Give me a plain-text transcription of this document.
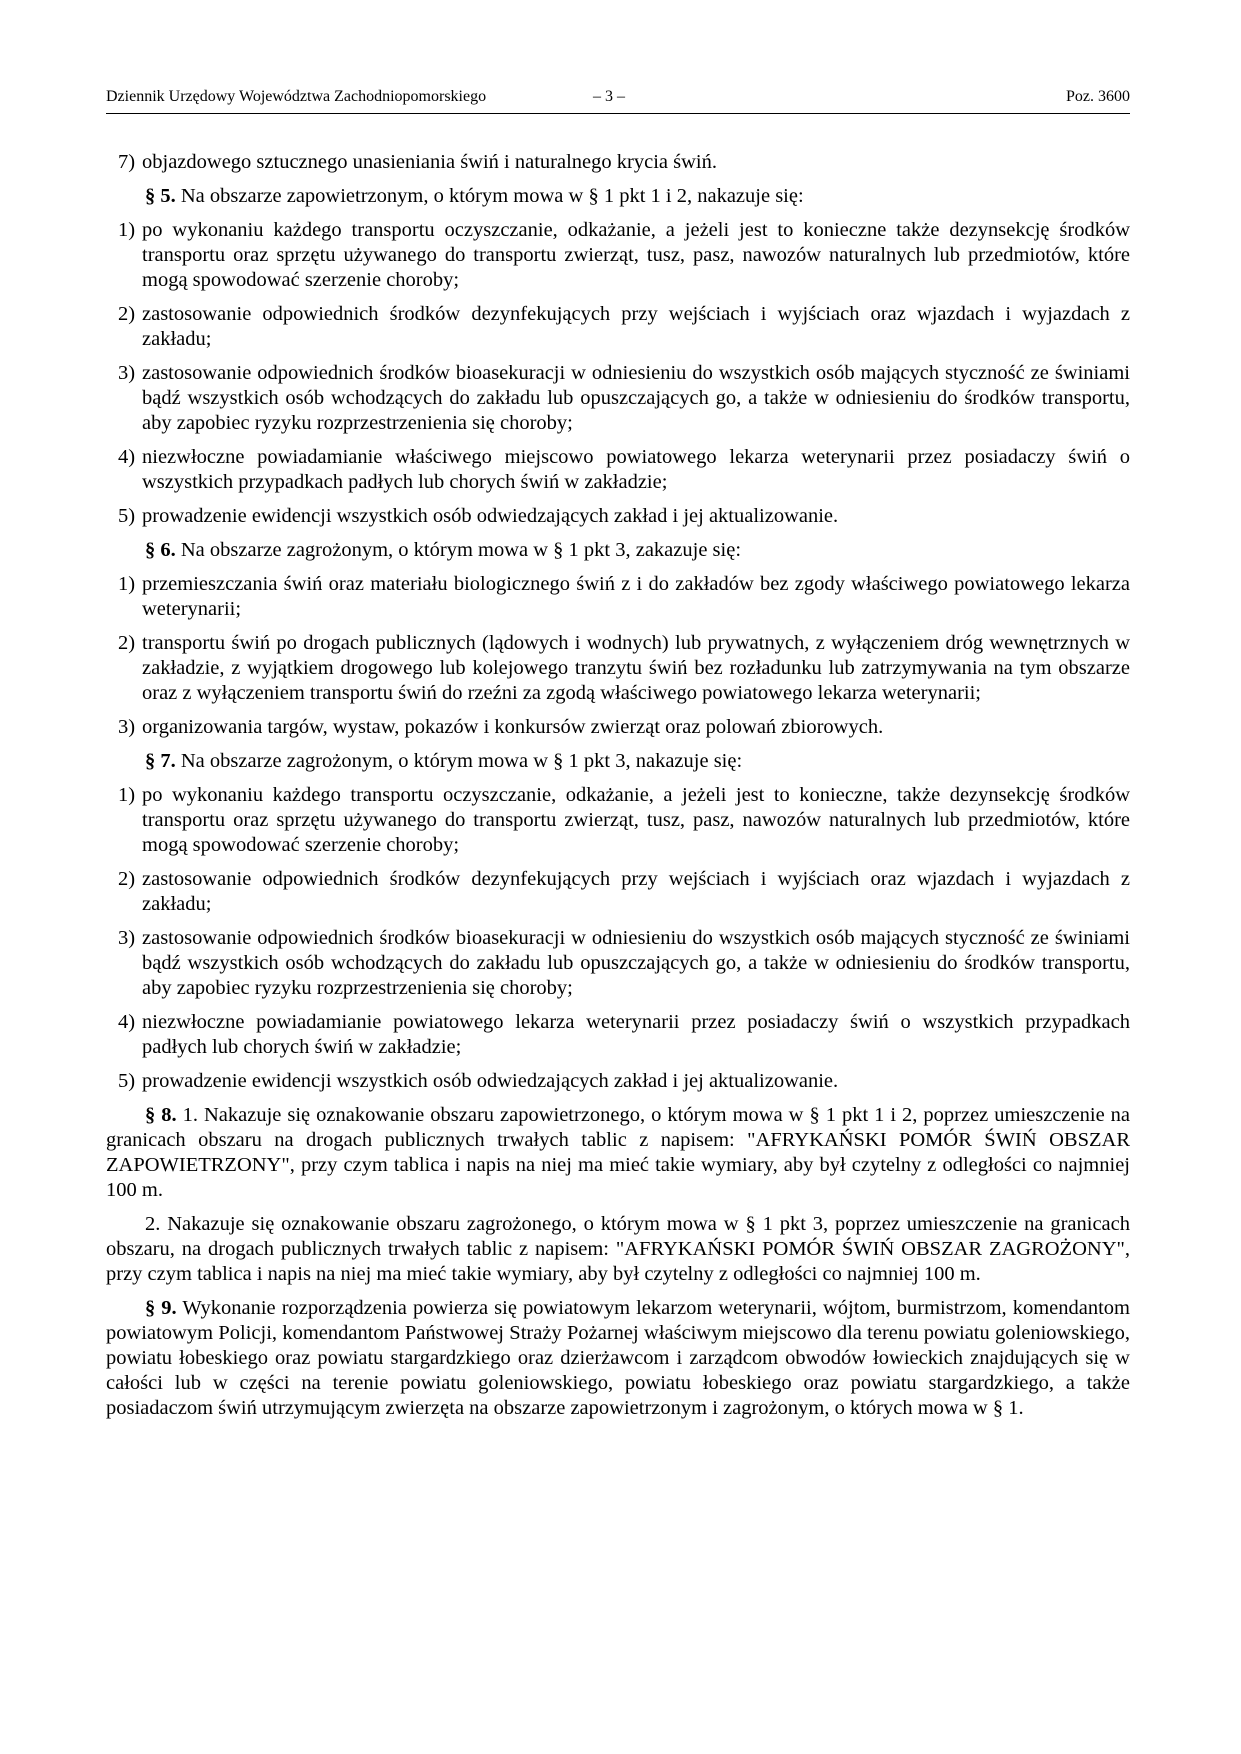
Dziennik Urzędowy Województwa Zachodniopomorskiego	– 3 –	Poz. 3600
7) objazdowego sztucznego unasieniania świń i naturalnego krycia świń.

§ 5. Na obszarze zapowietrzonym, o którym mowa w § 1 pkt 1 i 2, nakazuje się:

1) po wykonaniu każdego transportu oczyszczanie, odkażanie, a jeżeli jest to konieczne także dezynsekcję środków transportu oraz sprzętu używanego do transportu zwierząt, tusz, pasz, nawozów naturalnych lub przedmiotów, które mogą spowodować szerzenie choroby;
2) zastosowanie odpowiednich środków dezynfekujących przy wejściach i wyjściach oraz wjazdach i wyjazdach z zakładu;
3) zastosowanie odpowiednich środków bioasekuracji w odniesieniu do wszystkich osób mających styczność ze świniami bądź wszystkich osób wchodzących do zakładu lub opuszczających go, a także w odniesieniu do środków transportu, aby zapobiec ryzyku rozprzestrzenienia się choroby;
4) niezwłoczne powiadamianie właściwego miejscowo powiatowego lekarza weterynarii przez posiadaczy świń o wszystkich przypadkach padłych lub chorych świń w zakładzie;
5) prowadzenie ewidencji wszystkich osób odwiedzających zakład i jej aktualizowanie.

§ 6. Na obszarze zagrożonym, o którym mowa w § 1 pkt 3, zakazuje się:

1) przemieszczania świń oraz materiału biologicznego świń z i do zakładów bez zgody właściwego powiatowego lekarza weterynarii;
2) transportu świń po drogach publicznych (lądowych i wodnych) lub prywatnych, z wyłączeniem dróg wewnętrznych w zakładzie, z wyjątkiem drogowego lub kolejowego tranzytu świń bez rozładunku lub zatrzymywania na tym obszarze oraz z wyłączeniem transportu świń do rzeźni za zgodą właściwego powiatowego lekarza weterynarii;
3) organizowania targów, wystaw, pokazów i konkursów zwierząt oraz polowań zbiorowych.

§ 7. Na obszarze zagrożonym, o którym mowa w § 1 pkt 3, nakazuje się:

1) po wykonaniu każdego transportu oczyszczanie, odkażanie, a jeżeli jest to konieczne, także dezynsekcję środków transportu oraz sprzętu używanego do transportu zwierząt, tusz, pasz, nawozów naturalnych lub przedmiotów, które mogą spowodować szerzenie choroby;
2) zastosowanie odpowiednich środków dezynfekujących przy wejściach i wyjściach oraz wjazdach i wyjazdach z zakładu;
3) zastosowanie odpowiednich środków bioasekuracji w odniesieniu do wszystkich osób mających styczność ze świniami bądź wszystkich osób wchodzących do zakładu lub opuszczających go, a także w odniesieniu do środków transportu, aby zapobiec ryzyku rozprzestrzenienia się choroby;
4) niezwłoczne powiadamianie powiatowego lekarza weterynarii przez posiadaczy świń o wszystkich przypadkach padłych lub chorych świń w zakładzie;
5) prowadzenie ewidencji wszystkich osób odwiedzających zakład i jej aktualizowanie.

§ 8. 1. Nakazuje się oznakowanie obszaru zapowietrzonego, o którym mowa w § 1 pkt 1 i 2, poprzez umieszczenie na granicach obszaru na drogach publicznych trwałych tablic z napisem: "AFRYKAŃSKI POMÓR ŚWIŃ OBSZAR ZAPOWIETRZONY", przy czym tablica i napis na niej ma mieć takie wymiary, aby był czytelny z odległości co najmniej 100 m.

2. Nakazuje się oznakowanie obszaru zagrożonego, o którym mowa w § 1 pkt 3, poprzez umieszczenie na granicach obszaru, na drogach publicznych trwałych tablic z napisem: "AFRYKAŃSKI POMÓR ŚWIŃ OBSZAR ZAGROŻONY", przy czym tablica i napis na niej ma mieć takie wymiary, aby był czytelny z odległości co najmniej 100 m.

§ 9. Wykonanie rozporządzenia powierza się powiatowym lekarzom weterynarii, wójtom, burmistrzom, komendantom powiatowym Policji, komendantom Państwowej Straży Pożarnej właściwym miejscowo dla terenu powiatu goleniowskiego, powiatu łobeskiego oraz powiatu stargardzkiego oraz dzierżawcom i zarządcom obwodów łowieckich znajdujących się w całości lub w części na terenie powiatu goleniowskiego, powiatu łobeskiego oraz powiatu stargardzkiego, a także posiadaczom świń utrzymującym zwierzęta na obszarze zapowietrzonym i zagrożonym, o których mowa w § 1.
